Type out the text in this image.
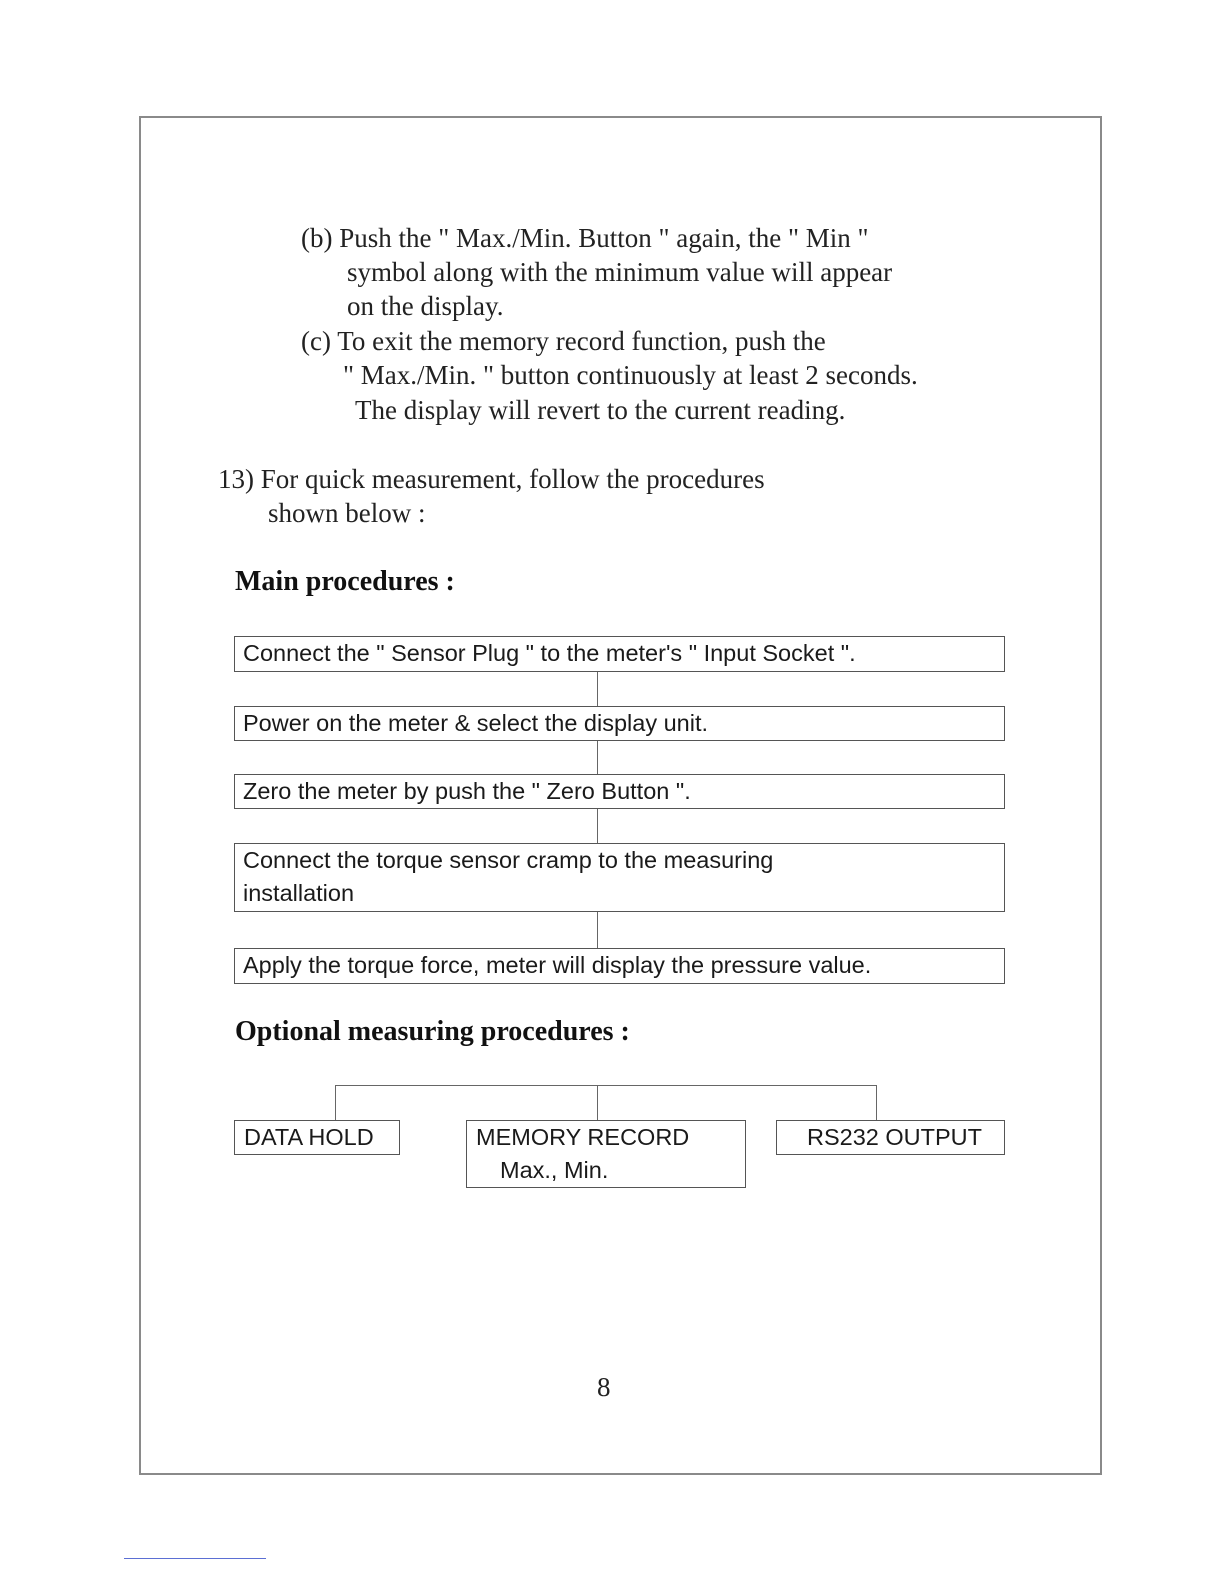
(b) Push the " Max./Min. Button " again, the " Min "
symbol along with the minimum value will appear
on the display.
(c) To exit the memory record function, push the
" Max./Min. " button continuously at least 2 seconds.
The display will revert to the current reading.
13) For quick measurement, follow the procedures
shown below :
Main procedures :
Connect the " Sensor Plug " to the meter's " Input Socket ".
Power on the meter & select the display unit.
Zero the meter by push the " Zero Button ".
Connect the torque sensor cramp to the measuring
installation
Apply the torque force, meter will display the pressure value.
Optional measuring procedures :
DATA HOLD	MEMORY RECORD
Max., Min.
RS232 OUTPUT
8
